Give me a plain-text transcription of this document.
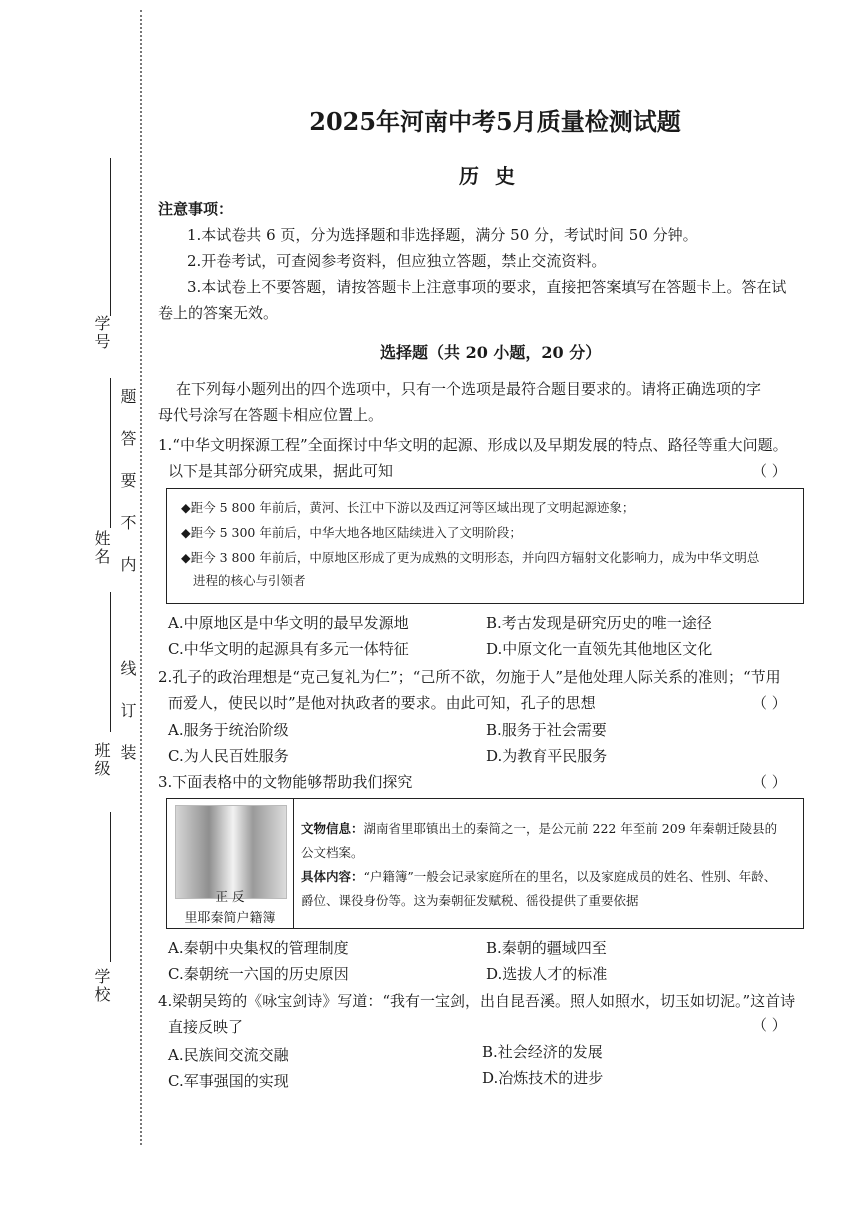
学号
题答要不内
姓名
线订装
班级
学校
2025年河南中考5月质量检测试题
历史
注意事项：
1.本试卷共 6 页，分为选择题和非选择题，满分 50 分，考试时间 50 分钟。
2.开卷考试，可查阅参考资料，但应独立答题，禁止交流资料。
3.本试卷上不要答题，请按答题卡上注意事项的要求，直接把答案填写在答题卡上。答在试
卷上的答案无效。
选择题（共 20 小题，20 分）
在下列每小题列出的四个选项中，只有一个选项是最符合题目要求的。请将正确选项的字
母代号涂写在答题卡相应位置上。
1.“中华文明探源工程”全面探讨中华文明的起源、形成以及早期发展的特点、路径等重大问题。
以下是其部分研究成果，据此可知	（ ）
◆距今 5 800 年前后，黄河、长江中下游以及西辽河等区域出现了文明起源迹象；
◆距今 5 300 年前后，中华大地各地区陆续进入了文明阶段；
◆距今 3 800 年前后，中原地区形成了更为成熟的文明形态，并向四方辐射文化影响力，成为中华文明总
进程的核心与引领者
A.中原地区是中华文明的最早发源地	B.考古发现是研究历史的唯一途径
C.中华文明的起源具有多元一体特征	D.中原文化一直领先其他地区文化
2.孔子的政治理想是“克己复礼为仁”；“己所不欲，勿施于人”是他处理人际关系的准则；“节用
而爱人，使民以时”是他对执政者的要求。由此可知，孔子的思想	（ ）
A.服务于统治阶级	B.服务于社会需要
C.为人民百姓服务	D.为教育平民服务
3.下面表格中的文物能够帮助我们探究	（ ）
正 反
里耶秦简户籍簿
文物信息：湖南省里耶镇出土的秦简之一，是公元前 222 年至前 209 年秦朝迁陵县的
公文档案。
具体内容：“户籍簿”一般会记录家庭所在的里名，以及家庭成员的姓名、性别、年龄、
爵位、课役身份等。这为秦朝征发赋税、徭役提供了重要依据
A.秦朝中央集权的管理制度	B.秦朝的疆域四至
C.秦朝统一六国的历史原因	D.选拔人才的标准
4.梁朝吴筠的《咏宝剑诗》写道：“我有一宝剑，出自昆吾溪。照人如照水，切玉如切泥。”这首诗
直接反映了	（ ）
A.民族间交流交融	B.社会经济的发展
C.军事强国的实现	D.冶炼技术的进步
